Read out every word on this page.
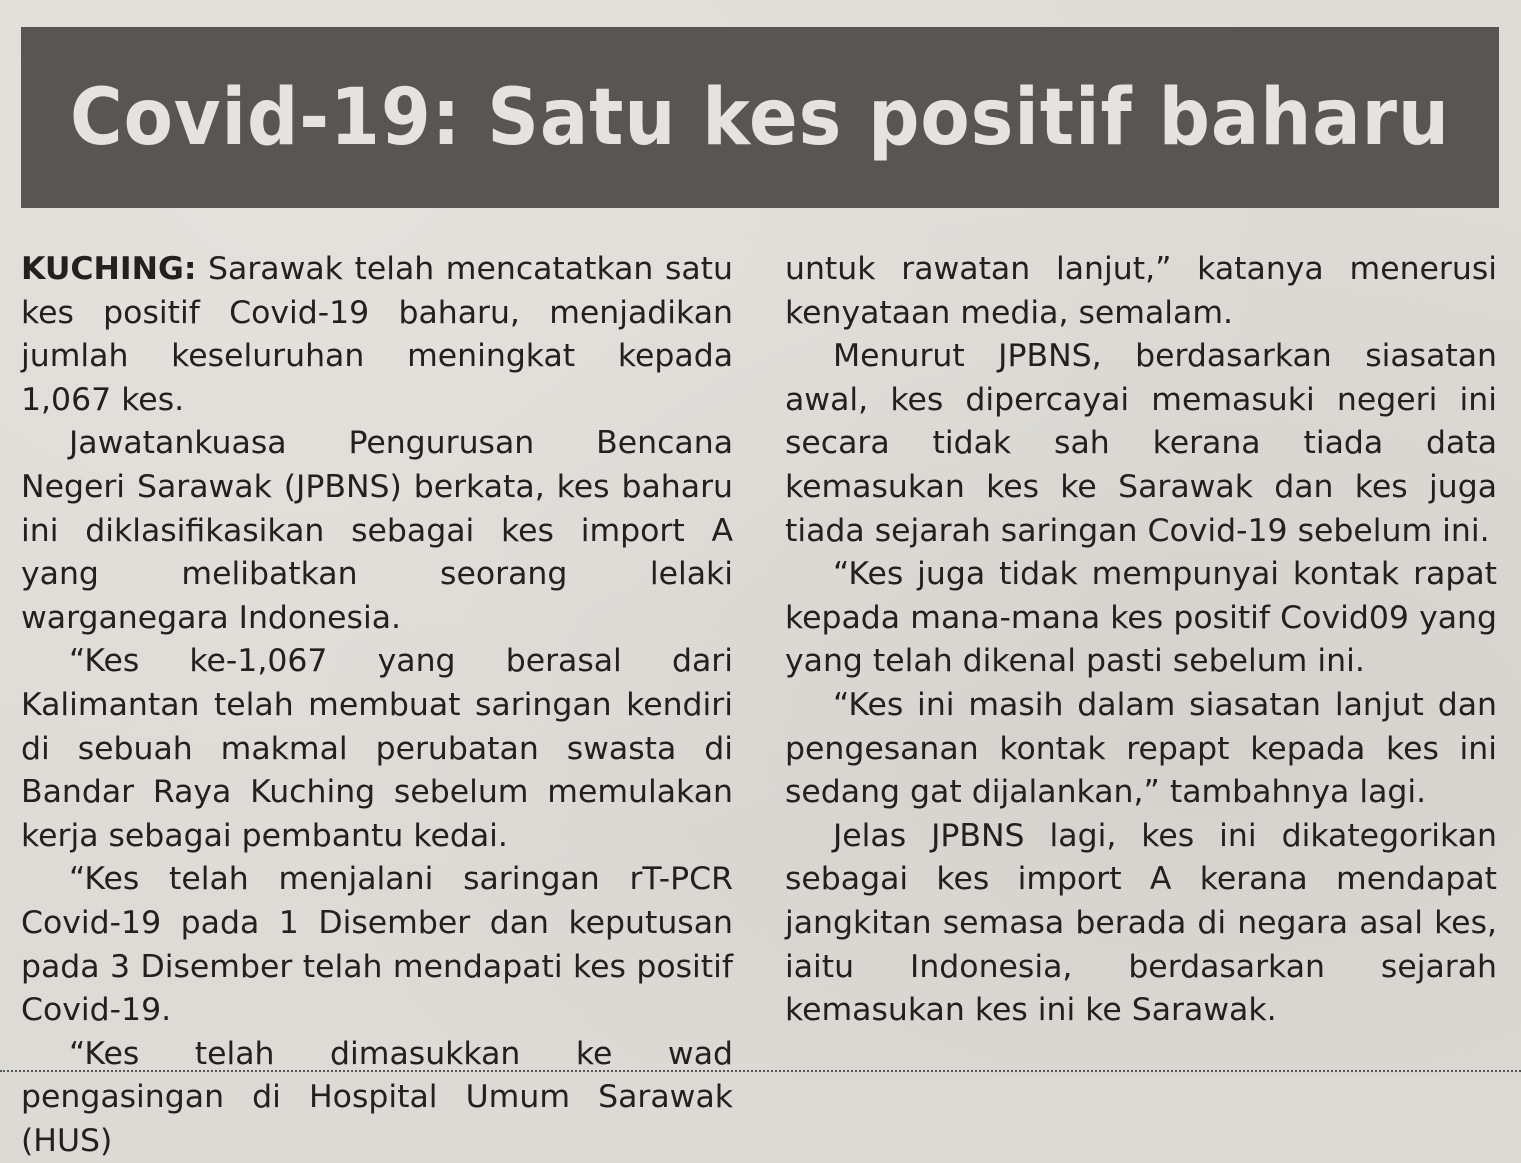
Covid-19: Satu kes positif baharu

KUCHING: Sarawak telah mencatatkan satu kes positif Covid-19 baharu, menjadikan jumlah keseluruhan meningkat kepada 1,067 kes.

Jawatankuasa Pengurusan Bencana Negeri Sarawak (JPBNS) berkata, kes baharu ini diklasifikasikan sebagai kes import A yang melibatkan seorang lelaki warganegara Indonesia.

“Kes ke-1,067 yang berasal dari Kalimantan telah membuat saringan kendiri di sebuah makmal perubatan swasta di Bandar Raya Kuching sebelum memulakan kerja sebagai pembantu kedai.

“Kes telah menjalani saringan rT-PCR Covid-19 pada 1 Disember dan keputusan pada 3 Disember telah mendapati kes positif Covid-19.

“Kes telah dimasukkan ke wad pengasingan di Hospital Umum Sarawak (HUS)

untuk rawatan lanjut,” katanya menerusi kenyataan media, semalam.

Menurut JPBNS, berdasarkan siasatan awal, kes dipercayai memasuki negeri ini secara tidak sah kerana tiada data kemasukan kes ke Sarawak dan kes juga tiada sejarah saringan Covid-19 sebelum ini.

“Kes juga tidak mempunyai kontak rapat kepada mana-mana kes positif Covid09 yang yang telah dikenal pasti sebelum ini.

“Kes ini masih dalam siasatan lanjut dan pengesanan kontak repapt kepada kes ini sedang gat dijalankan,” tambahnya lagi.

Jelas JPBNS lagi, kes ini dikategorikan sebagai kes import A kerana mendapat jangkitan semasa berada di negara asal kes, iaitu Indonesia, berdasarkan sejarah kemasukan kes ini ke Sarawak.
